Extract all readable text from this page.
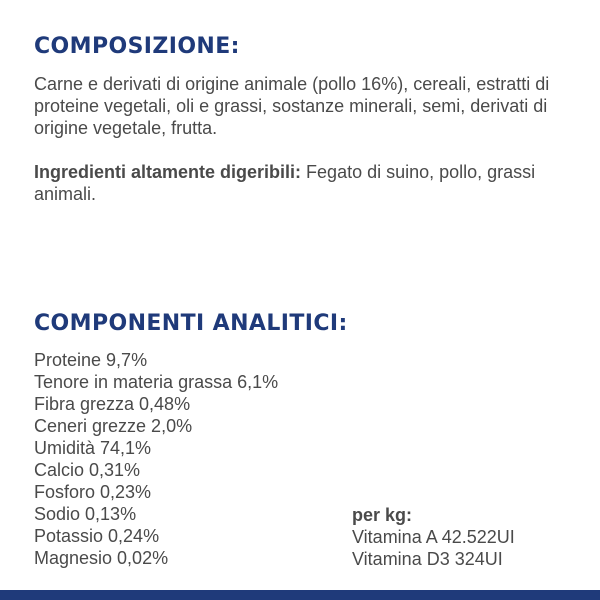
COMPOSIZIONE:
Carne e derivati di origine animale (pollo 16%), cereali, estratti di proteine vegetali, oli e grassi, sostanze minerali, semi, derivati di origine vegetale, frutta.
Ingredienti altamente digeribili: Fegato di suino, pollo, grassi animali.
COMPONENTI ANALITICI:
Proteine 9,7%
Tenore in materia grassa 6,1%
Fibra grezza 0,48%
Ceneri grezze 2,0%
Umidità 74,1%
Calcio 0,31%
Fosforo 0,23%
Sodio 0,13%
Potassio 0,24%
Magnesio 0,02%
per kg:
Vitamina A 42.522UI
Vitamina D3 324UI
